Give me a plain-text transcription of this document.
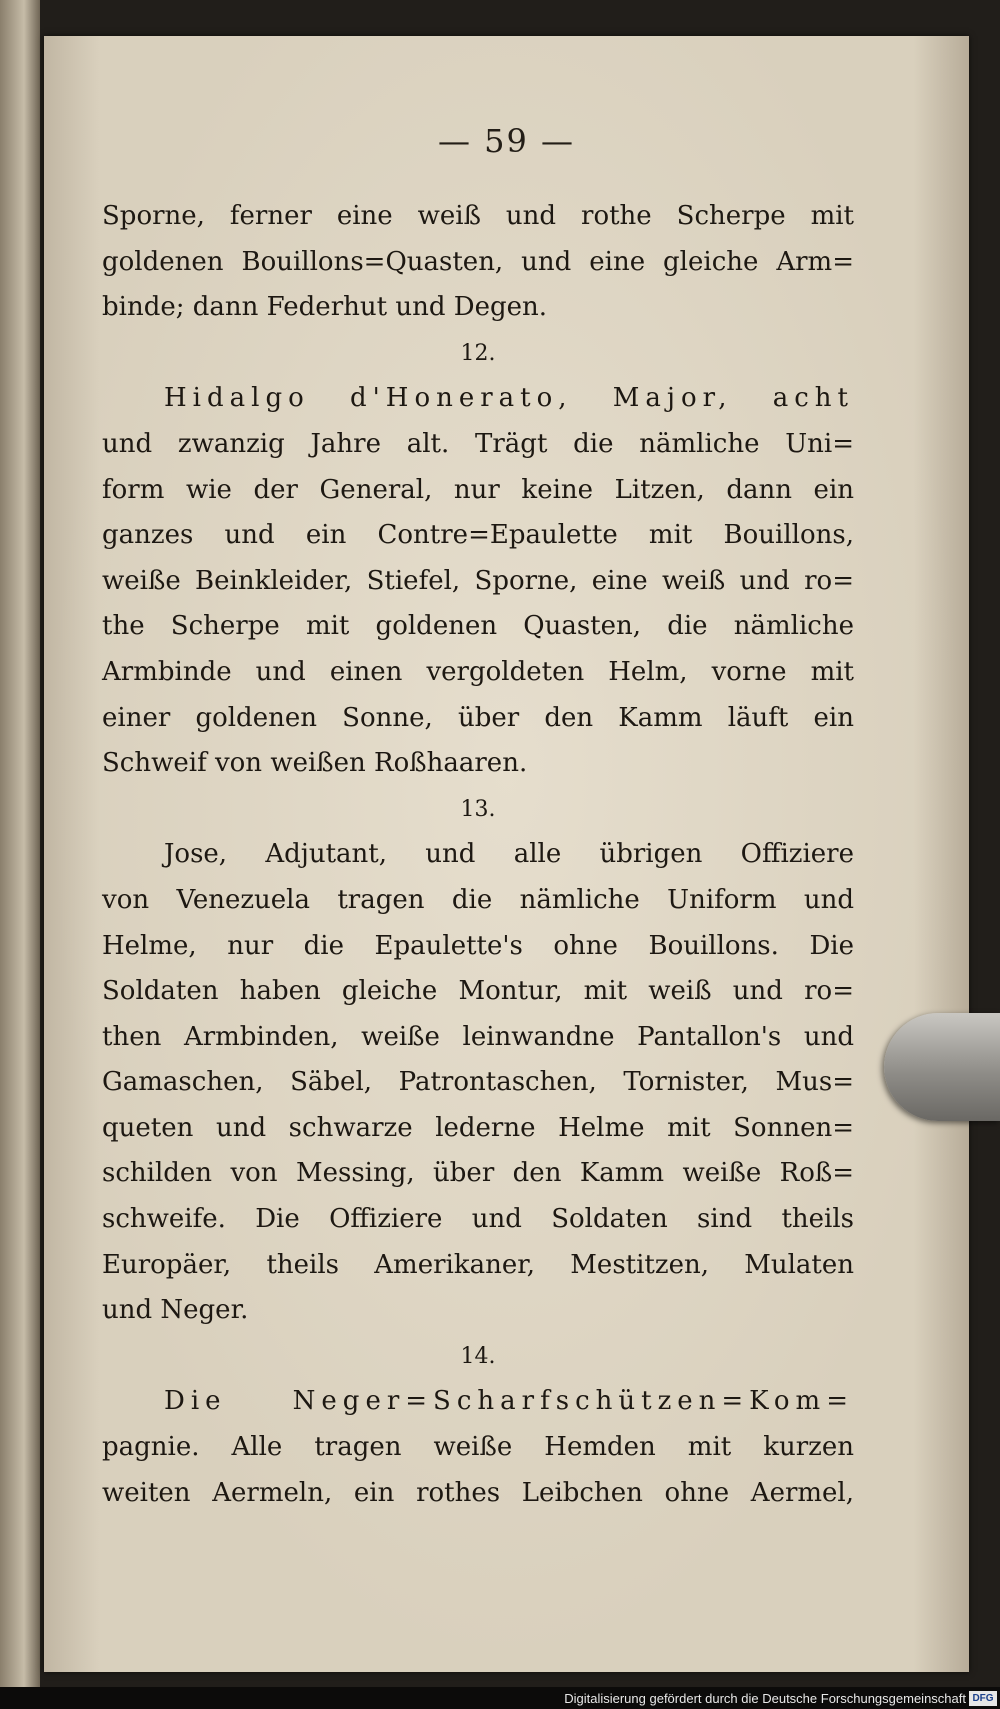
— 59 —
Sporne, ferner eine weiß und rothe Scherpe mit
goldenen Bouillons=Quasten, und eine gleiche Arm=
binde; dann Federhut und Degen.
12.
Hidalgo d'Honerato, Major, acht
und zwanzig Jahre alt. Trägt die nämliche Uni=
form wie der General, nur keine Litzen, dann ein
ganzes und ein Contre=Epaulette mit Bouillons,
weiße Beinkleider, Stiefel, Sporne, eine weiß und ro=
the Scherpe mit goldenen Quasten, die nämliche
Armbinde und einen vergoldeten Helm, vorne mit
einer goldenen Sonne, über den Kamm läuft ein
Schweif von weißen Roßhaaren.
13.
Jose, Adjutant, und alle übrigen Offiziere
von Venezuela tragen die nämliche Uniform und
Helme, nur die Epaulette's ohne Bouillons. Die
Soldaten haben gleiche Montur, mit weiß und ro=
then Armbinden, weiße leinwandne Pantallon's und
Gamaschen, Säbel, Patrontaschen, Tornister, Mus=
queten und schwarze lederne Helme mit Sonnen=
schilden von Messing, über den Kamm weiße Roß=
schweife. Die Offiziere und Soldaten sind theils
Europäer, theils Amerikaner, Mestitzen, Mulaten
und Neger.
14.
Die Neger=Scharfschützen=Kom=
pagnie. Alle tragen weiße Hemden mit kurzen
weiten Aermeln, ein rothes Leibchen ohne Aermel,
Digitalisierung gefördert durch die Deutsche Forschungsgemeinschaft DFG
